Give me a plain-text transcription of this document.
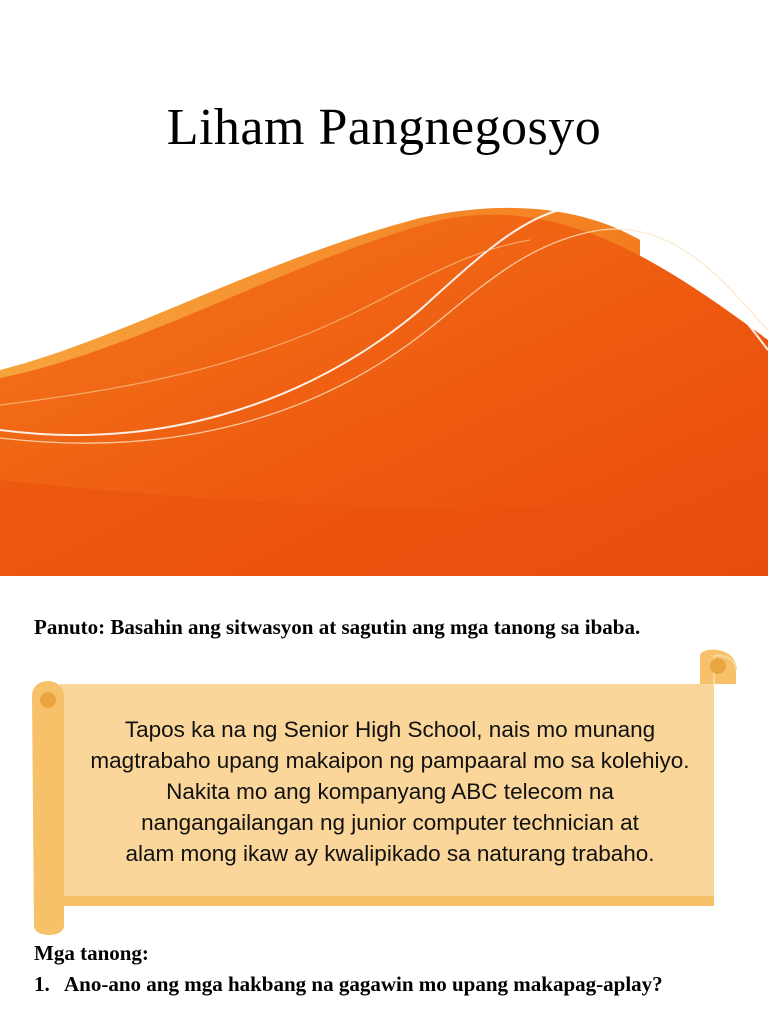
Liham Pangnegosyo

Panuto: Basahin ang sitwasyon at sagutin ang mga tanong sa ibaba.

Tapos ka na ng Senior High School, nais mo munang
magtrabaho upang makaipon ng pampaaral mo sa kolehiyo.
Nakita mo ang kompanyang ABC telecom na
nangangailangan ng junior computer technician at
alam mong ikaw ay kwalipikado sa naturang trabaho.

Mga tanong:

1. Ano-ano ang mga hakbang na gagawin mo upang makapag-aplay?
